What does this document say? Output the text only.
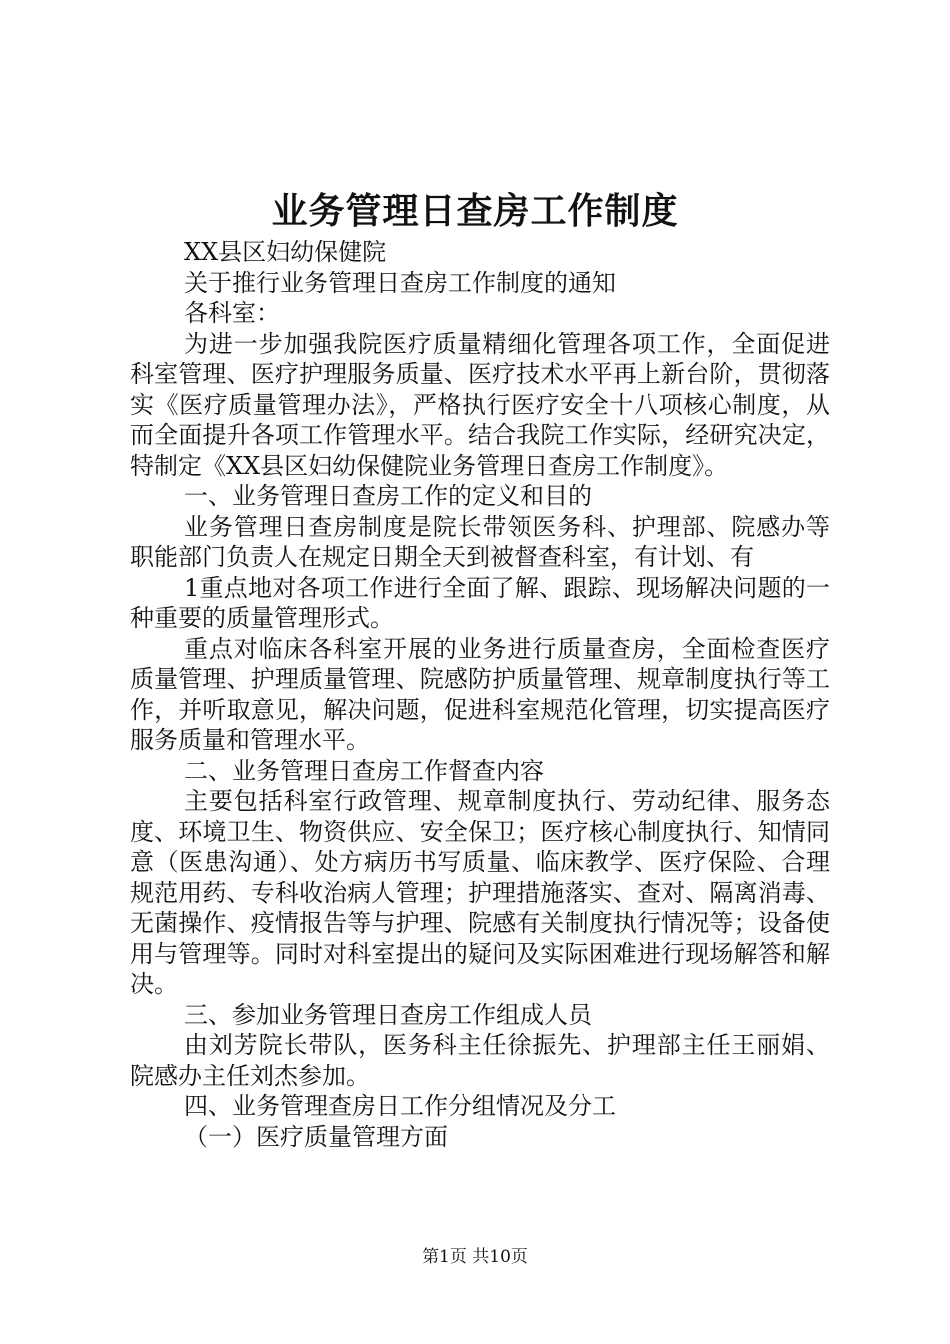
业务管理日查房工作制度

XX县区妇幼保健院

关于推行业务管理日查房工作制度的通知

各科室：

为进一步加强我院医疗质量精细化管理各项工作，全面促进科室管理、医疗护理服务质量、医疗技术水平再上新台阶，贯彻落实《医疗质量管理办法》，严格执行医疗安全十八项核心制度，从而全面提升各项工作管理水平。结合我院工作实际，经研究决定，特制定《XX县区妇幼保健院业务管理日查房工作制度》。

一、业务管理日查房工作的定义和目的

业务管理日查房制度是院长带领医务科、护理部、院感办等职能部门负责人在规定日期全天到被督查科室，有计划、有

1重点地对各项工作进行全面了解、跟踪、现场解决问题的一种重要的质量管理形式。

重点对临床各科室开展的业务进行质量查房，全面检查医疗质量管理、护理质量管理、院感防护质量管理、规章制度执行等工作，并听取意见，解决问题，促进科室规范化管理，切实提高医疗服务质量和管理水平。

二、业务管理日查房工作督查内容

主要包括科室行政管理、规章制度执行、劳动纪律、服务态度、环境卫生、物资供应、安全保卫；医疗核心制度执行、知情同意（医患沟通）、处方病历书写质量、临床教学、医疗保险、合理规范用药、专科收治病人管理；护理措施落实、查对、隔离消毒、无菌操作、疫情报告等与护理、院感有关制度执行情况等；设备使用与管理等。同时对科室提出的疑问及实际困难进行现场解答和解决。

三、参加业务管理日查房工作组成人员

由刘芳院长带队，医务科主任徐振先、护理部主任王丽娟、院感办主任刘杰参加。

四、业务管理查房日工作分组情况及分工

（一）医疗质量管理方面

第1页 共10页
